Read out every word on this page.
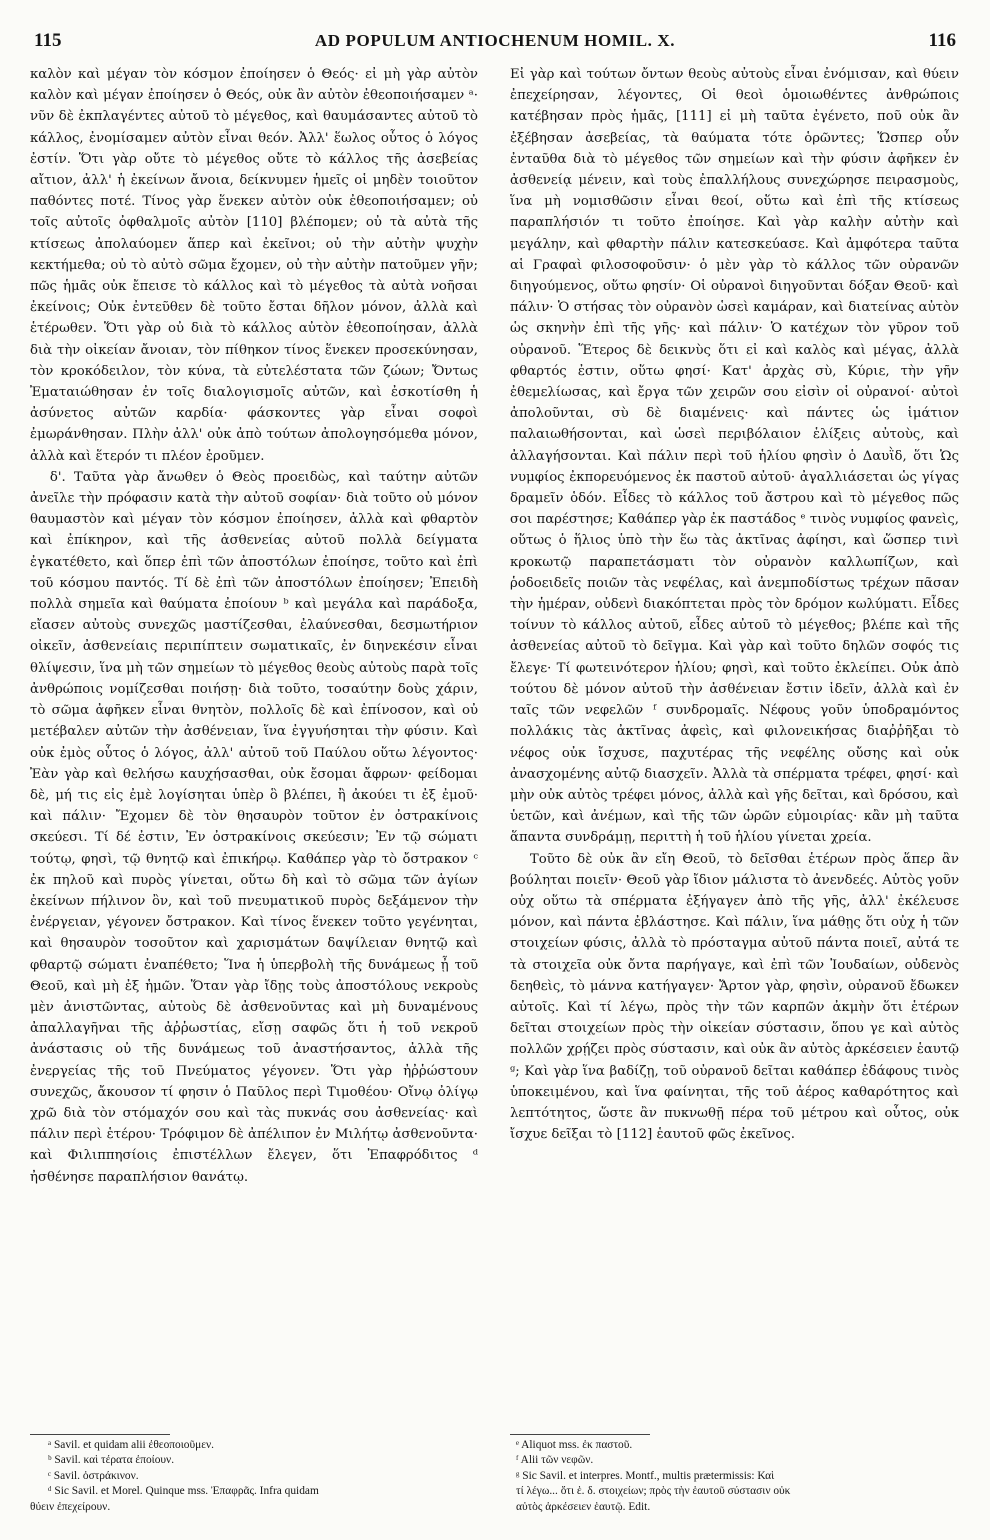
115	AD POPULUM ANTIOCHENUM HOMIL. X.	116

καλὸν καὶ μέγαν τὸν κόσμον ἐποίησεν ὁ Θεός· εἰ μὴ γὰρ αὐτὸν καλὸν καὶ μέγαν ἐποίησεν ὁ Θεός, οὐκ ἂν αὐτὸν ἐθεοποιήσαμεν ᵃ· νῦν δὲ ἐκπλαγέντες αὐτοῦ τὸ μέγεθος, καὶ θαυμάσαντες αὐτοῦ τὸ κάλλος, ἐνομίσαμεν αὐτὸν εἶναι θεόν. Ἀλλ' ἕωλος οὗτος ὁ λόγος ἐστίν. Ὅτι γὰρ οὔτε τὸ μέγεθος οὔτε τὸ κάλλος τῆς ἀσεβείας αἴτιον, ἀλλ' ἡ ἐκείνων ἄνοια, δείκνυμεν ἡμεῖς οἱ μηδὲν τοιοῦτον παθόντες ποτέ. Τίνος γὰρ ἕνεκεν αὐτὸν οὐκ ἐθεοποιήσαμεν; οὐ τοῖς αὐτοῖς ὀφθαλμοῖς αὐτὸν [110] βλέπομεν; οὐ τὰ αὐτὰ τῆς κτίσεως ἀπολαύομεν ἅπερ καὶ ἐκεῖνοι; οὐ τὴν αὐτὴν ψυχὴν κεκτήμεθα; οὐ τὸ αὐτὸ σῶμα ἔχομεν, οὐ τὴν αὐτὴν πατοῦμεν γῆν; πῶς ἡμᾶς οὐκ ἔπεισε τὸ κάλλος καὶ τὸ μέγεθος τὰ αὐτὰ νοῆσαι ἐκείνοις; Οὐκ ἐντεῦθεν δὲ τοῦτο ἔσται δῆλον μόνον, ἀλλὰ καὶ ἑτέρωθεν. Ὅτι γὰρ οὐ διὰ τὸ κάλλος αὐτὸν ἐθεοποίησαν, ἀλλὰ διὰ τὴν οἰκείαν ἄνοιαν, τὸν πίθηκον τίνος ἕνεκεν προσεκύνησαν, τὸν κροκόδειλον, τὸν κύνα, τὰ εὐτελέστατα τῶν ζώων; Ὄντως Ἐματαιώθησαν ἐν τοῖς διαλογισμοῖς αὐτῶν, καὶ ἐσκοτίσθη ἡ ἀσύνετος αὐτῶν καρδία· φάσκοντες γὰρ εἶναι σοφοὶ ἐμωράνθησαν. Πλὴν ἀλλ' οὐκ ἀπὸ τούτων ἀπολογησόμεθα μόνον, ἀλλὰ καὶ ἕτερόν τι πλέον ἐροῦμεν.

δ'. Ταῦτα γὰρ ἄνωθεν ὁ Θεὸς προειδὼς, καὶ ταύτην αὐτῶν ἀνεῖλε τὴν πρόφασιν κατὰ τὴν αὐτοῦ σοφίαν· διὰ τοῦτο οὐ μόνον θαυμαστὸν καὶ μέγαν τὸν κόσμον ἐποίησεν, ἀλλὰ καὶ φθαρτὸν καὶ ἐπίκηρον, καὶ τῆς ἀσθενείας αὐτοῦ πολλὰ δείγματα ἐγκατέθετο, καὶ ὅπερ ἐπὶ τῶν ἀποστόλων ἐποίησε, τοῦτο καὶ ἐπὶ τοῦ κόσμου παντός. Τί δὲ ἐπὶ τῶν ἀποστόλων ἐποίησεν; Ἐπειδὴ πολλὰ σημεῖα καὶ θαύματα ἐποίουν ᵇ καὶ μεγάλα καὶ παράδοξα, εἴασεν αὐτοὺς συνεχῶς μαστίζεσθαι, ἐλαύνεσθαι, δεσμωτήριον οἰκεῖν, ἀσθενείαις περιπίπτειν σωματικαῖς, ἐν διηνεκέσιν εἶναι θλίψεσιν, ἵνα μὴ τῶν σημείων τὸ μέγεθος θεοὺς αὐτοὺς παρὰ τοῖς ἀνθρώποις νομίζεσθαι ποιήσῃ· διὰ τοῦτο, τοσαύτην δοὺς χάριν, τὸ σῶμα ἀφῆκεν εἶναι θνητὸν, πολλοῖς δὲ καὶ ἐπίνοσον, καὶ οὐ μετέβαλεν αὐτῶν τὴν ἀσθένειαν, ἵνα ἐγγυήσηται τὴν φύσιν. Καὶ οὐκ ἐμὸς οὗτος ὁ λόγος, ἀλλ' αὐτοῦ τοῦ Παύλου οὕτω λέγοντος· Ἐὰν γὰρ καὶ θελήσω καυχήσασθαι, οὐκ ἔσομαι ἄφρων· φείδομαι δὲ, μή τις εἰς ἐμὲ λογίσηται ὑπὲρ ὃ βλέπει, ἢ ἀκούει τι ἐξ ἐμοῦ· καὶ πάλιν· Ἔχομεν δὲ τὸν θησαυρὸν τοῦτον ἐν ὀστρακίνοις σκεύεσι. Τί δέ ἐστιν, Ἐν ὀστρακίνοις σκεύεσιν; Ἐν τῷ σώματι τούτῳ, φησὶ, τῷ θνητῷ καὶ ἐπικήρῳ. Καθάπερ γὰρ τὸ ὄστρακον ᶜ ἐκ πηλοῦ καὶ πυρὸς γίνεται, οὕτω δὴ καὶ τὸ σῶμα τῶν ἁγίων ἐκείνων πήλινον ὂν, καὶ τοῦ πνευματικοῦ πυρὸς δεξάμενον τὴν ἐνέργειαν, γέγονεν ὄστρακον. Καὶ τίνος ἕνεκεν τοῦτο γεγένηται, καὶ θησαυρὸν τοσοῦτον καὶ χαρισμάτων δαψίλειαν θνητῷ καὶ φθαρτῷ σώματι ἐναπέθετο; Ἵνα ἡ ὑπερβολὴ τῆς δυνάμεως ᾖ τοῦ Θεοῦ, καὶ μὴ ἐξ ἡμῶν. Ὅταν γὰρ ἴδῃς τοὺς ἀποστόλους νεκροὺς μὲν ἀνιστῶντας, αὐτοὺς δὲ ἀσθενοῦντας καὶ μὴ δυναμένους ἀπαλλαγῆναι τῆς ἀῤῥωστίας, εἴσῃ σαφῶς ὅτι ἡ τοῦ νεκροῦ ἀνάστασις οὐ τῆς δυνάμεως τοῦ ἀναστήσαντος, ἀλλὰ τῆς ἐνεργείας τῆς τοῦ Πνεύματος γέγονεν. Ὅτι γὰρ ἠῤῥώστουν συνεχῶς, ἄκουσον τί φησιν ὁ Παῦλος περὶ Τιμοθέου· Οἴνῳ ὀλίγῳ χρῶ διὰ τὸν στόμαχόν σου καὶ τὰς πυκνάς σου ἀσθενείας· καὶ πάλιν περὶ ἑτέρου· Τρόφιμον δὲ ἀπέλιπον ἐν Μιλήτῳ ἀσθενοῦντα· καὶ Φιλιππησίοις ἐπιστέλλων ἔλεγεν, ὅτι Ἐπαφρόδιτος ᵈ ἠσθένησε παραπλήσιον θανάτῳ.

Εἰ γὰρ καὶ τούτων ὄντων θεοὺς αὐτοὺς εἶναι ἐνόμισαν, καὶ θύειν ἐπεχείρησαν, λέγοντες, Οἱ θεοὶ ὁμοιωθέντες ἀνθρώποις κατέβησαν πρὸς ἡμᾶς, [111] εἰ μὴ ταῦτα ἐγένετο, ποῦ οὐκ ἂν ἐξέβησαν ἀσεβείας, τὰ θαύματα τότε ὁρῶντες; Ὥσπερ οὖν ἐνταῦθα διὰ τὸ μέγεθος τῶν σημείων καὶ τὴν φύσιν ἀφῆκεν ἐν ἀσθενείᾳ μένειν, καὶ τοὺς ἐπαλλήλους συνεχώρησε πειρασμοὺς, ἵνα μὴ νομισθῶσιν εἶναι θεοί, οὕτω καὶ ἐπὶ τῆς κτίσεως παραπλήσιόν τι τοῦτο ἐποίησε. Καὶ γὰρ καλὴν αὐτὴν καὶ μεγάλην, καὶ φθαρτὴν πάλιν κατεσκεύασε. Καὶ ἀμφότερα ταῦτα αἱ Γραφαὶ φιλοσοφοῦσιν· ὁ μὲν γὰρ τὸ κάλλος τῶν οὐρανῶν διηγούμενος, οὕτω φησίν· Οἱ οὐρανοὶ διηγοῦνται δόξαν Θεοῦ· καὶ πάλιν· Ὁ στήσας τὸν οὐρανὸν ὡσεὶ καμάραν, καὶ διατείνας αὐτὸν ὡς σκηνὴν ἐπὶ τῆς γῆς· καὶ πάλιν· Ὁ κατέχων τὸν γῦρον τοῦ οὐρανοῦ. Ἕτερος δὲ δεικνὺς ὅτι εἰ καὶ καλὸς καὶ μέγας, ἀλλὰ φθαρτός ἐστιν, οὕτω φησί· Κατ' ἀρχὰς σὺ, Κύριε, τὴν γῆν ἐθεμελίωσας, καὶ ἔργα τῶν χειρῶν σου εἰσὶν οἱ οὐρανοί· αὐτοὶ ἀπολοῦνται, σὺ δὲ διαμένεις· καὶ πάντες ὡς ἱμάτιον παλαιωθήσονται, καὶ ὡσεὶ περιβόλαιον ἑλίξεις αὐτοὺς, καὶ ἀλλαγήσονται. Καὶ πάλιν περὶ τοῦ ἡλίου φησὶν ὁ Δαυῒδ, ὅτι Ὡς νυμφίος ἐκπορευόμενος ἐκ παστοῦ αὐτοῦ· ἀγαλλιάσεται ὡς γίγας δραμεῖν ὁδόν. Εἶδες τὸ κάλλος τοῦ ἄστρου καὶ τὸ μέγεθος πῶς σοι παρέστησε; Καθάπερ γὰρ ἐκ παστάδος ᵉ τινὸς νυμφίος φανεὶς, οὕτως ὁ ἥλιος ὑπὸ τὴν ἕω τὰς ἀκτῖνας ἀφίησι, καὶ ὥσπερ τινὶ κροκωτῷ παραπετάσματι τὸν οὐρανὸν καλλωπίζων, καὶ ῥοδοειδεῖς ποιῶν τὰς νεφέλας, καὶ ἀνεμποδίστως τρέχων πᾶσαν τὴν ἡμέραν, οὐδενὶ διακόπτεται πρὸς τὸν δρόμον κωλύματι. Εἶδες τοίνυν τὸ κάλλος αὐτοῦ, εἶδες αὐτοῦ τὸ μέγεθος; βλέπε καὶ τῆς ἀσθενείας αὐτοῦ τὸ δεῖγμα. Καὶ γὰρ καὶ τοῦτο δηλῶν σοφός τις ἔλεγε· Τί φωτεινότερον ἡλίου; φησὶ, καὶ τοῦτο ἐκλείπει. Οὐκ ἀπὸ τούτου δὲ μόνον αὐτοῦ τὴν ἀσθένειαν ἔστιν ἰδεῖν, ἀλλὰ καὶ ἐν ταῖς τῶν νεφελῶν ᶠ συνδρομαῖς. Νέφους γοῦν ὑποδραμόντος πολλάκις τὰς ἀκτῖνας ἀφεὶς, καὶ φιλονεικήσας διαῤῥῆξαι τὸ νέφος οὐκ ἴσχυσε, παχυτέρας τῆς νεφέλης οὔσης καὶ οὐκ ἀνασχομένης αὐτῷ διασχεῖν. Ἀλλὰ τὰ σπέρματα τρέφει, φησί· καὶ μὴν οὐκ αὐτὸς τρέφει μόνος, ἀλλὰ καὶ γῆς δεῖται, καὶ δρόσου, καὶ ὑετῶν, καὶ ἀνέμων, καὶ τῆς τῶν ὡρῶν εὐμοιρίας· κἂν μὴ ταῦτα ἅπαντα συνδράμῃ, περιττὴ ἡ τοῦ ἡλίου γίνεται χρεία.

Τοῦτο δὲ οὐκ ἂν εἴη Θεοῦ, τὸ δεῖσθαι ἑτέρων πρὸς ἅπερ ἂν βούληται ποιεῖν· Θεοῦ γὰρ ἴδιον μάλιστα τὸ ἀνενδεές. Αὐτὸς γοῦν οὐχ οὕτω τὰ σπέρματα ἐξήγαγεν ἀπὸ τῆς γῆς, ἀλλ' ἐκέλευσε μόνον, καὶ πάντα ἐβλάστησε. Καὶ πάλιν, ἵνα μάθῃς ὅτι οὐχ ἡ τῶν στοιχείων φύσις, ἀλλὰ τὸ πρόσταγμα αὐτοῦ πάντα ποιεῖ, αὐτά τε τὰ στοιχεῖα οὐκ ὄντα παρήγαγε, καὶ ἐπὶ τῶν Ἰουδαίων, οὐδενὸς δεηθεὶς, τὸ μάννα κατήγαγεν· Ἄρτον γὰρ, φησὶν, οὐρανοῦ ἔδωκεν αὐτοῖς. Καὶ τί λέγω, πρὸς τὴν τῶν καρπῶν ἀκμὴν ὅτι ἑτέρων δεῖται στοιχείων πρὸς τὴν οἰκείαν σύστασιν, ὅπου γε καὶ αὐτὸς πολλῶν χρῄζει πρὸς σύστασιν, καὶ οὐκ ἂν αὐτὸς ἀρκέσειεν ἑαυτῷ ᵍ; Καὶ γὰρ ἵνα βαδίζῃ, τοῦ οὐρανοῦ δεῖται καθάπερ ἐδάφους τινὸς ὑποκειμένου, καὶ ἵνα φαίνηται, τῆς τοῦ ἀέρος καθαρότητος καὶ λεπτότητος, ὥστε ἂν πυκνωθῇ πέρα τοῦ μέτρου καὶ οὗτος, οὐκ ἴσχυε δεῖξαι τὸ [112] ἑαυτοῦ φῶς ἐκεῖνος.

ᵃ Savil. et quidam alii ἐθεοποιοῦμεν.
ᵇ Savil. καὶ τέρατα ἐποίουν.
ᶜ Savil. ὀστράκινον.
ᵈ Sic Savil. et Morel. Quinque mss. Ἐπαφρᾶς. Infra quidam
θύειν ἐπεχείρουν.
ᵉ Aliquot mss. ἐκ παστοῦ.
ᶠ Alii τῶν νεφῶν.
ᵍ Sic Savil. et interpres. Montf., multis prætermissis: Καὶ
τί λέγω... ὅτι ἑ. δ. στοιχείων; πρὸς τὴν ἑαυτοῦ σύστασιν οὐκ
αὐτὸς ἀρκέσειεν ἑαυτῷ. Edit.
